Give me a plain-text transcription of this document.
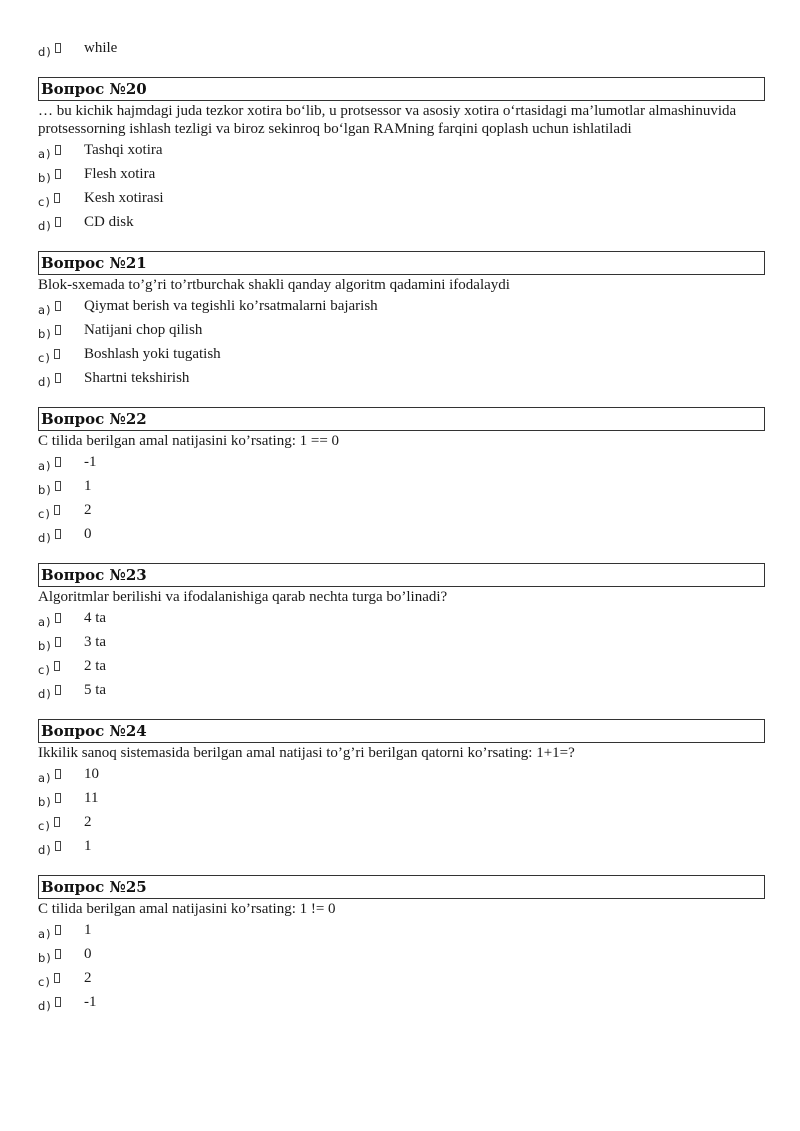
d) while
Вопрос №20
… bu kichik hajmdagi juda tezkor xotira bo‘lib, u protsessor va asosiy xotira o‘rtasidagi ma’lumotlar almashinuvida protsessorning ishlash tezligi va biroz sekinroq bo‘lgan RAMning farqini qoplash uchun ishlatiladi
a) Tashqi xotira
b) Flesh xotira
c) Kesh xotirasi
d) CD disk
Вопрос №21
Blok-sxemada to’g’ri to’rtburchak shakli qanday algoritm qadamini ifodalaydi
a) Qiymat berish va tegishli ko’rsatmalarni bajarish
b) Natijani chop qilish
c) Boshlash yoki tugatish
d) Shartni tekshirish
Вопрос №22
C tilida berilgan amal natijasini ko’rsating: 1 == 0
a) -1
b) 1
c) 2
d) 0
Вопрос №23
Algoritmlar berilishi va ifodalanishiga qarab nechta turga bo’linadi?
a) 4 ta
b) 3 ta
c) 2 ta
d) 5 ta
Вопрос №24
Ikkilik sanoq sistemasida berilgan amal natijasi to’g’ri berilgan qatorni ko’rsating: 1+1=?
a) 10
b) 11
c) 2
d) 1
Вопрос №25
C tilida berilgan amal natijasini ko’rsating: 1 != 0
a) 1
b) 0
c) 2
d) -1
